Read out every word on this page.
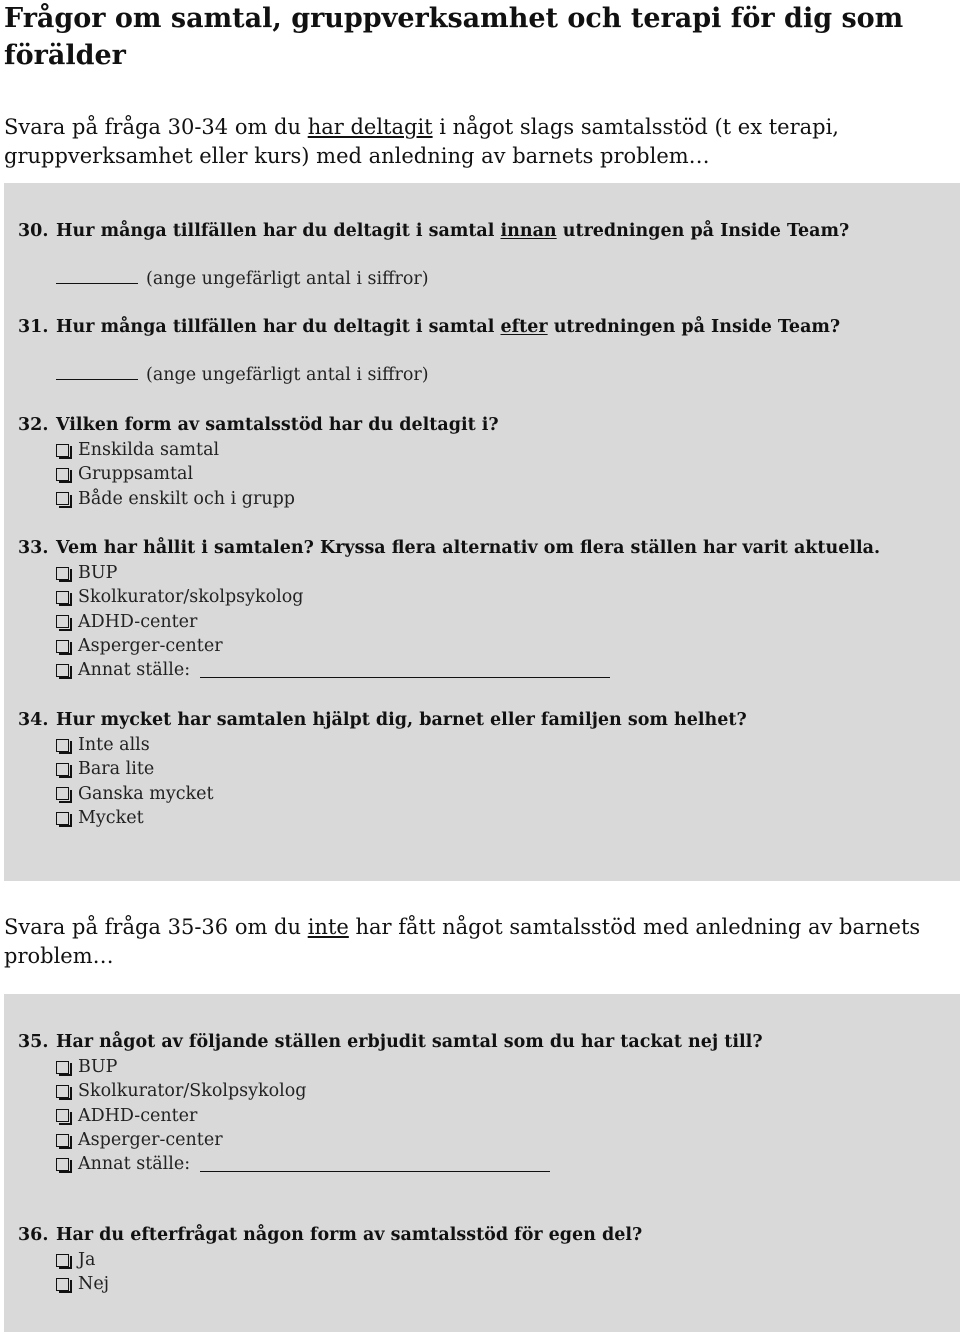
Frågor om samtal, gruppverksamhet och terapi för dig som förälder

Svara på fråga 30-34 om du har deltagit i något slags samtalsstöd (t ex terapi, gruppverksamhet eller kurs) med anledning av barnets problem…

30. Hur många tillfällen har du deltagit i samtal innan utredningen på Inside Team?
(ange ungefärligt antal i siffror)
31. Hur många tillfällen har du deltagit i samtal efter utredningen på Inside Team?
(ange ungefärligt antal i siffror)
32. Vilken form av samtalsstöd har du deltagit i?
Enskilda samtal
Gruppsamtal
Både enskilt och i grupp
33. Vem har hållit i samtalen? Kryssa flera alternativ om flera ställen har varit aktuella.
BUP
Skolkurator/skolpsykolog
ADHD-center
Asperger-center
Annat ställe:
34. Hur mycket har samtalen hjälpt dig, barnet eller familjen som helhet?
Inte alls
Bara lite
Ganska mycket
Mycket

Svara på fråga 35-36 om du inte har fått något samtalsstöd med anledning av barnets problem…

35. Har något av följande ställen erbjudit samtal som du har tackat nej till?
BUP
Skolkurator/Skolpsykolog
ADHD-center
Asperger-center
Annat ställe:
36. Har du efterfrågat någon form av samtalsstöd för egen del?
Ja
Nej
